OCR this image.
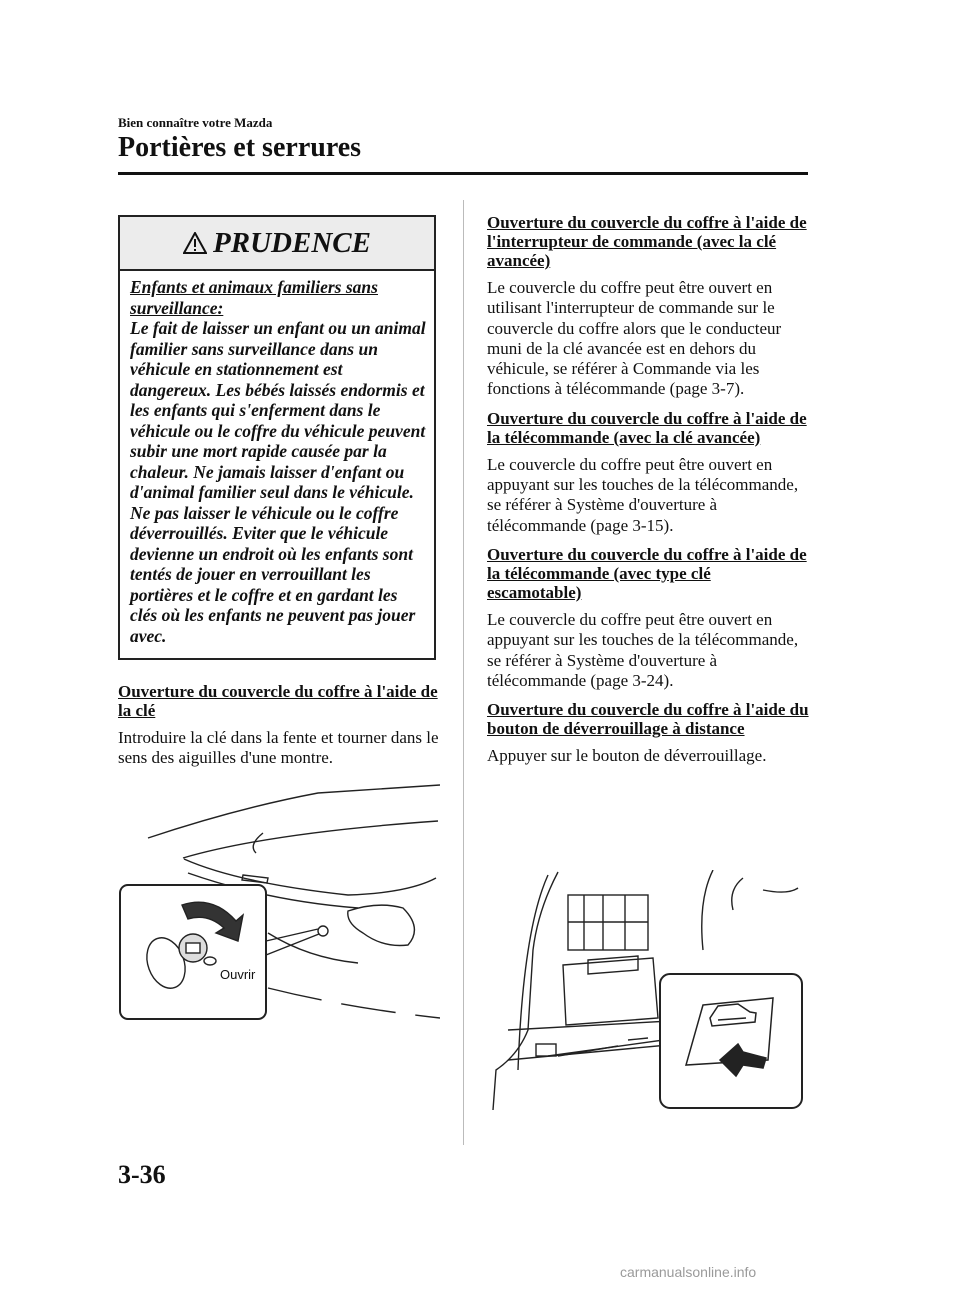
Bien connaître votre Mazda
Portières et serrures
PRUDENCE
Enfants et animaux familiers sans surveillance:
Le fait de laisser un enfant ou un animal familier sans surveillance dans un véhicule en stationnement est dangereux. Les bébés laissés endormis et les enfants qui s'enferment dans le véhicule ou le coffre du véhicule peuvent subir une mort rapide causée par la chaleur. Ne jamais laisser d'enfant ou d'animal familier seul dans le véhicule. Ne pas laisser le véhicule ou le coffre déverrouillés. Eviter que le véhicule devienne un endroit où les enfants sont tentés de jouer en verrouillant les portières et le coffre et en gardant les clés où les enfants ne peuvent pas jouer avec.
Ouverture du couvercle du coffre à l'aide de la clé

Introduire la clé dans la fente et tourner dans le sens des aiguilles d'une montre.

Ouvrir
Ouverture du couvercle du coffre à l'aide de l'interrupteur de commande (avec la clé avancée)

Le couvercle du coffre peut être ouvert en utilisant l'interrupteur de commande sur le couvercle du coffre alors que le conducteur muni de la clé avancée est en dehors du véhicule, se référer à Commande via les fonctions à télécommande (page 3-7).

Ouverture du couvercle du coffre à l'aide de la télécommande (avec la clé avancée)

Le couvercle du coffre peut être ouvert en appuyant sur les touches de la télécommande, se référer à Système d'ouverture à télécommande (page 3-15).

Ouverture du couvercle du coffre à l'aide de la télécommande (avec type clé escamotable)

Le couvercle du coffre peut être ouvert en appuyant sur les touches de la télécommande, se référer à Système d'ouverture à télécommande (page 3-24).

Ouverture du couvercle du coffre à l'aide du bouton de déverrouillage à distance

Appuyer sur le bouton de déverrouillage.

3-36
carmanualsonline.info
